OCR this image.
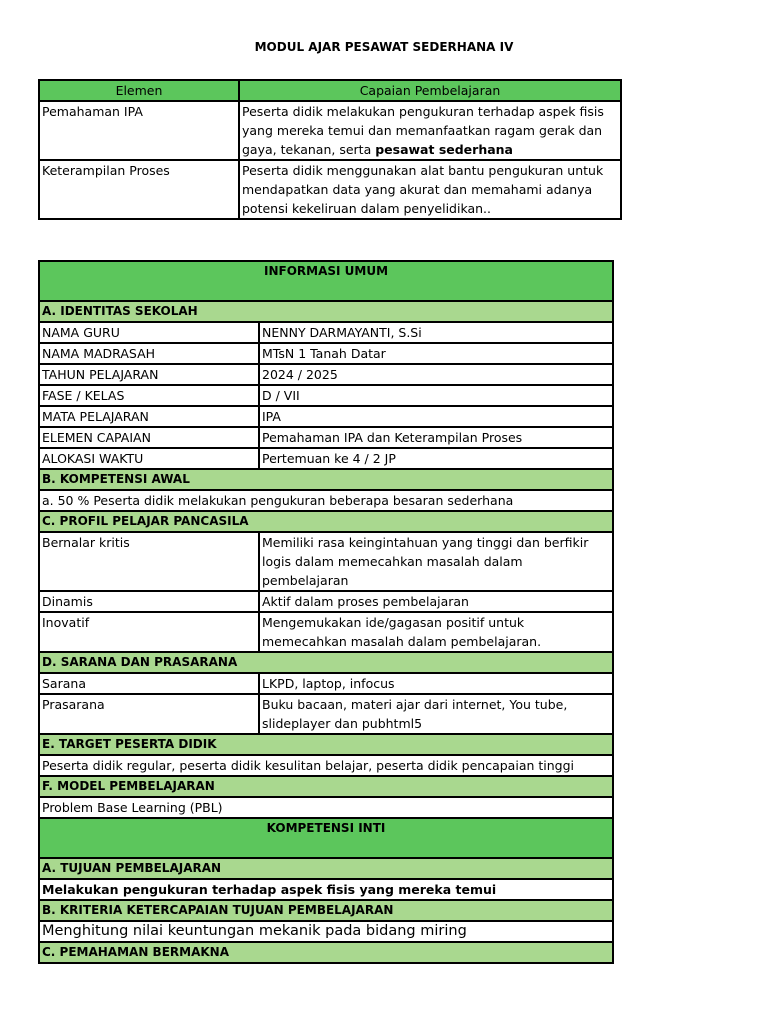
MODUL AJAR PESAWAT SEDERHANA IV
Elemen	Capaian Pembelajaran
Pemahaman IPA	Peserta didik melakukan pengukuran terhadap aspek fisis yang mereka temui dan memanfaatkan ragam gerak dan gaya, tekanan, serta pesawat sederhana
Keterampilan Proses	Peserta didik menggunakan alat bantu pengukuran untuk mendapatkan data yang akurat dan memahami adanya potensi kekeliruan dalam penyelidikan..
INFORMASI UMUM	
A. IDENTITAS SEKOLAH	
NAMA GURU	NENNY DARMAYANTI, S.Si
NAMA MADRASAH	MTsN 1 Tanah Datar
TAHUN PELAJARAN	2024 / 2025
FASE / KELAS	D / VII
MATA PELAJARAN	IPA
ELEMEN CAPAIAN	Pemahaman IPA dan Keterampilan Proses
ALOKASI WAKTU	Pertemuan ke 4 / 2 JP
B. KOMPETENSI AWAL	
a. 50 % Peserta didik melakukan pengukuran beberapa besaran sederhana	
C. PROFIL PELAJAR PANCASILA	
Bernalar kritis	Memiliki rasa keingintahuan yang tinggi dan berfikir logis dalam memecahkan masalah dalam pembelajaran
Dinamis	Aktif dalam proses pembelajaran
Inovatif	Mengemukakan ide/gagasan positif untuk memecahkan masalah dalam pembelajaran.
D. SARANA DAN PRASARANA	
Sarana	LKPD, laptop, infocus
Prasarana	Buku bacaan, materi ajar dari internet, You tube, slideplayer dan pubhtml5
E. TARGET PESERTA DIDIK	
Peserta didik regular, peserta didik kesulitan belajar, peserta didik pencapaian tinggi	
F. MODEL PEMBELAJARAN	
Problem Base Learning (PBL)	
KOMPETENSI INTI	
A. TUJUAN PEMBELAJARAN	
Melakukan pengukuran terhadap aspek fisis yang mereka temui	
B. KRITERIA KETERCAPAIAN TUJUAN PEMBELAJARAN	
Menghitung nilai keuntungan mekanik pada bidang miring	
C. PEMAHAMAN BERMAKNA	
